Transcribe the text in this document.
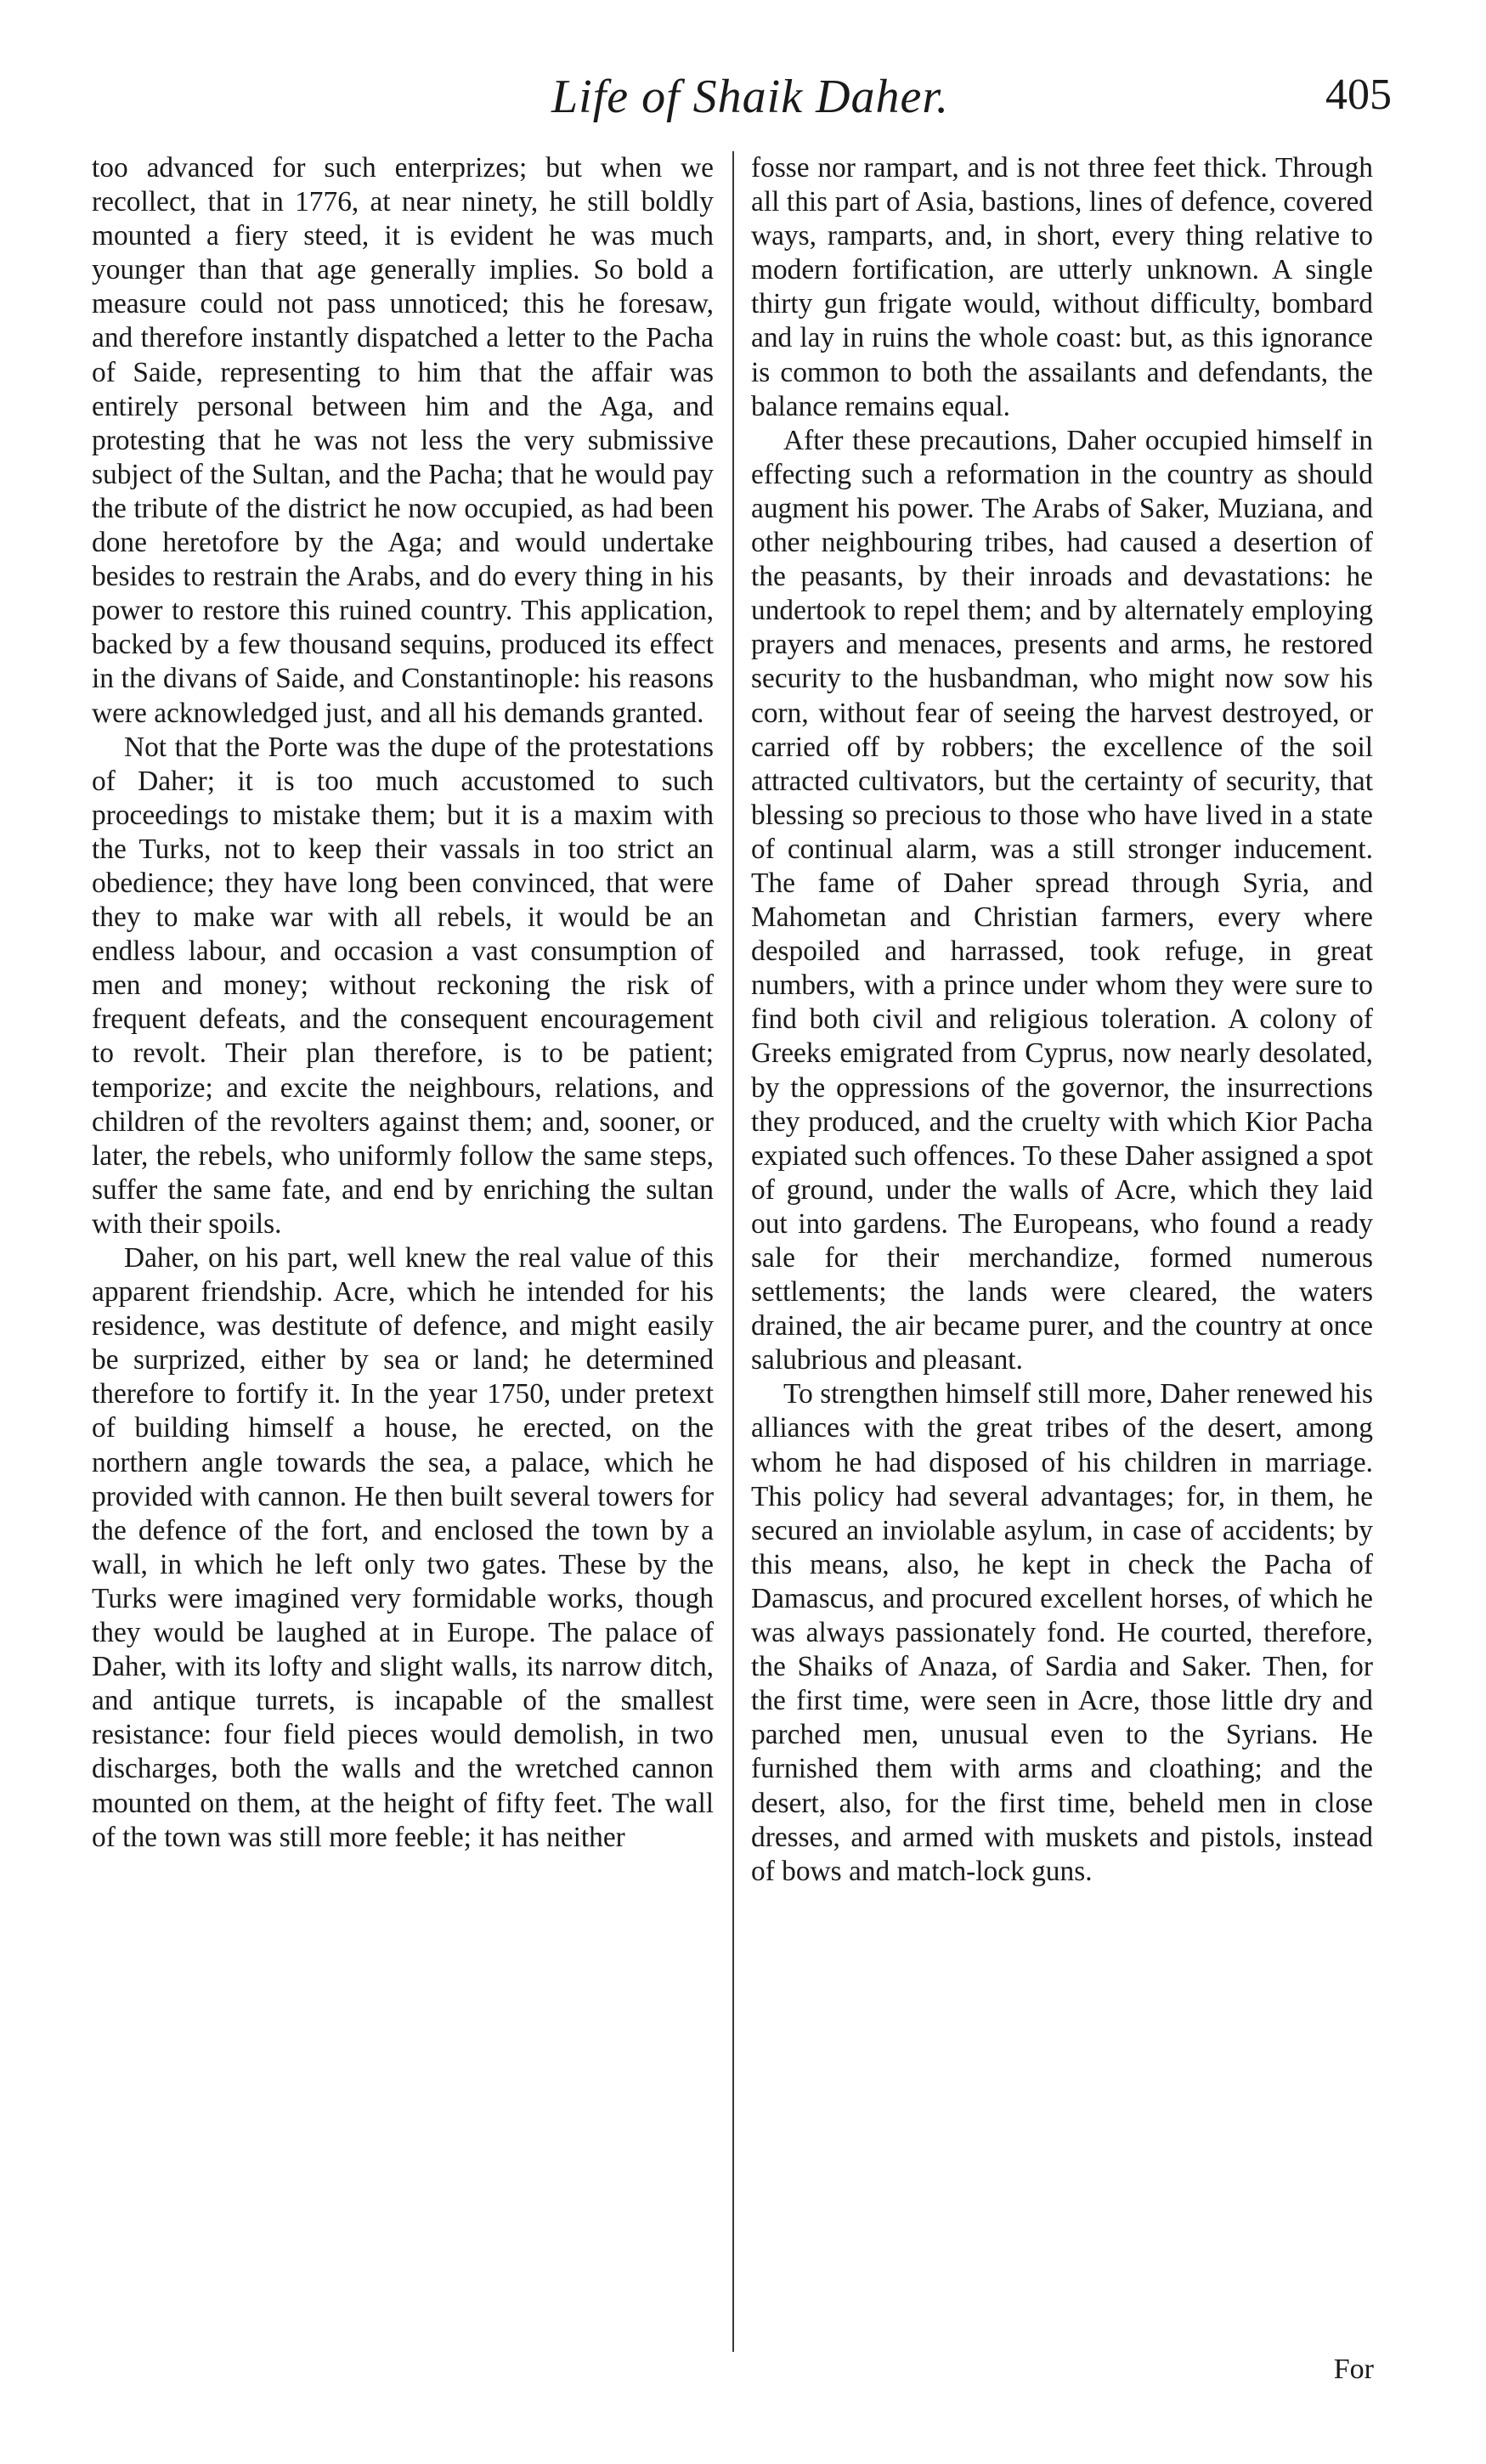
Life of Shaik Daher.	405

too advanced for such enterprizes; but when we recollect, that in 1776, at near ninety, he still boldly mounted a fiery steed, it is evident he was much younger than that age generally implies. So bold a measure could not pass unnoticed; this he foresaw, and therefore instantly dispatched a letter to the Pacha of Saide, representing to him that the affair was entirely personal between him and the Aga, and protesting that he was not less the very submissive subject of the Sultan, and the Pacha; that he would pay the tribute of the district he now occupied, as had been done heretofore by the Aga; and would undertake besides to restrain the Arabs, and do every thing in his power to restore this ruined country. This application, backed by a few thousand sequins, produced its effect in the divans of Saide, and Constantinople: his reasons were acknowledged just, and all his demands granted.

Not that the Porte was the dupe of the protestations of Daher; it is too much accustomed to such proceedings to mistake them; but it is a maxim with the Turks, not to keep their vassals in too strict an obedience; they have long been convinced, that were they to make war with all rebels, it would be an endless labour, and occasion a vast consumption of men and money; without reckoning the risk of frequent defeats, and the consequent encouragement to revolt. Their plan therefore, is to be patient; temporize; and excite the neighbours, relations, and children of the revolters against them; and, sooner, or later, the rebels, who uniformly follow the same steps, suffer the same fate, and end by enriching the sultan with their spoils.

Daher, on his part, well knew the real value of this apparent friendship. Acre, which he intended for his residence, was destitute of defence, and might easily be surprized, either by sea or land; he determined therefore to fortify it. In the year 1750, under pretext of building himself a house, he erected, on the northern angle towards the sea, a palace, which he provided with cannon. He then built several towers for the defence of the fort, and enclosed the town by a wall, in which he left only two gates. These by the Turks were imagined very formidable works, though they would be laughed at in Europe. The palace of Daher, with its lofty and slight walls, its narrow ditch, and antique turrets, is incapable of the smallest resistance: four field pieces would demolish, in two discharges, both the walls and the wretched cannon mounted on them, at the height of fifty feet. The wall of the town was still more feeble; it has neither

fosse nor rampart, and is not three feet thick. Through all this part of Asia, bastions, lines of defence, covered ways, ramparts, and, in short, every thing relative to modern fortification, are utterly unknown. A single thirty gun frigate would, without difficulty, bombard and lay in ruins the whole coast: but, as this ignorance is common to both the assailants and defendants, the balance remains equal.

After these precautions, Daher occupied himself in effecting such a reformation in the country as should augment his power. The Arabs of Saker, Muziana, and other neighbouring tribes, had caused a desertion of the peasants, by their inroads and devastations: he undertook to repel them; and by alternately employing prayers and menaces, presents and arms, he restored security to the husbandman, who might now sow his corn, without fear of seeing the harvest destroyed, or carried off by robbers; the excellence of the soil attracted cultivators, but the certainty of security, that blessing so precious to those who have lived in a state of continual alarm, was a still stronger inducement. The fame of Daher spread through Syria, and Mahometan and Christian farmers, every where despoiled and harrassed, took refuge, in great numbers, with a prince under whom they were sure to find both civil and religious toleration. A colony of Greeks emigrated from Cyprus, now nearly desolated, by the oppressions of the governor, the insurrections they produced, and the cruelty with which Kior Pacha expiated such offences. To these Daher assigned a spot of ground, under the walls of Acre, which they laid out into gardens. The Europeans, who found a ready sale for their merchandize, formed numerous settlements; the lands were cleared, the waters drained, the air became purer, and the country at once salubrious and pleasant.

To strengthen himself still more, Daher renewed his alliances with the great tribes of the desert, among whom he had disposed of his children in marriage. This policy had several advantages; for, in them, he secured an inviolable asylum, in case of accidents; by this means, also, he kept in check the Pacha of Damascus, and procured excellent horses, of which he was always passionately fond. He courted, therefore, the Shaiks of Anaza, of Sardia and Saker. Then, for the first time, were seen in Acre, those little dry and parched men, unusual even to the Syrians. He furnished them with arms and cloathing; and the desert, also, for the first time, beheld men in close dresses, and armed with muskets and pistols, instead of bows and match-lock guns.

For
